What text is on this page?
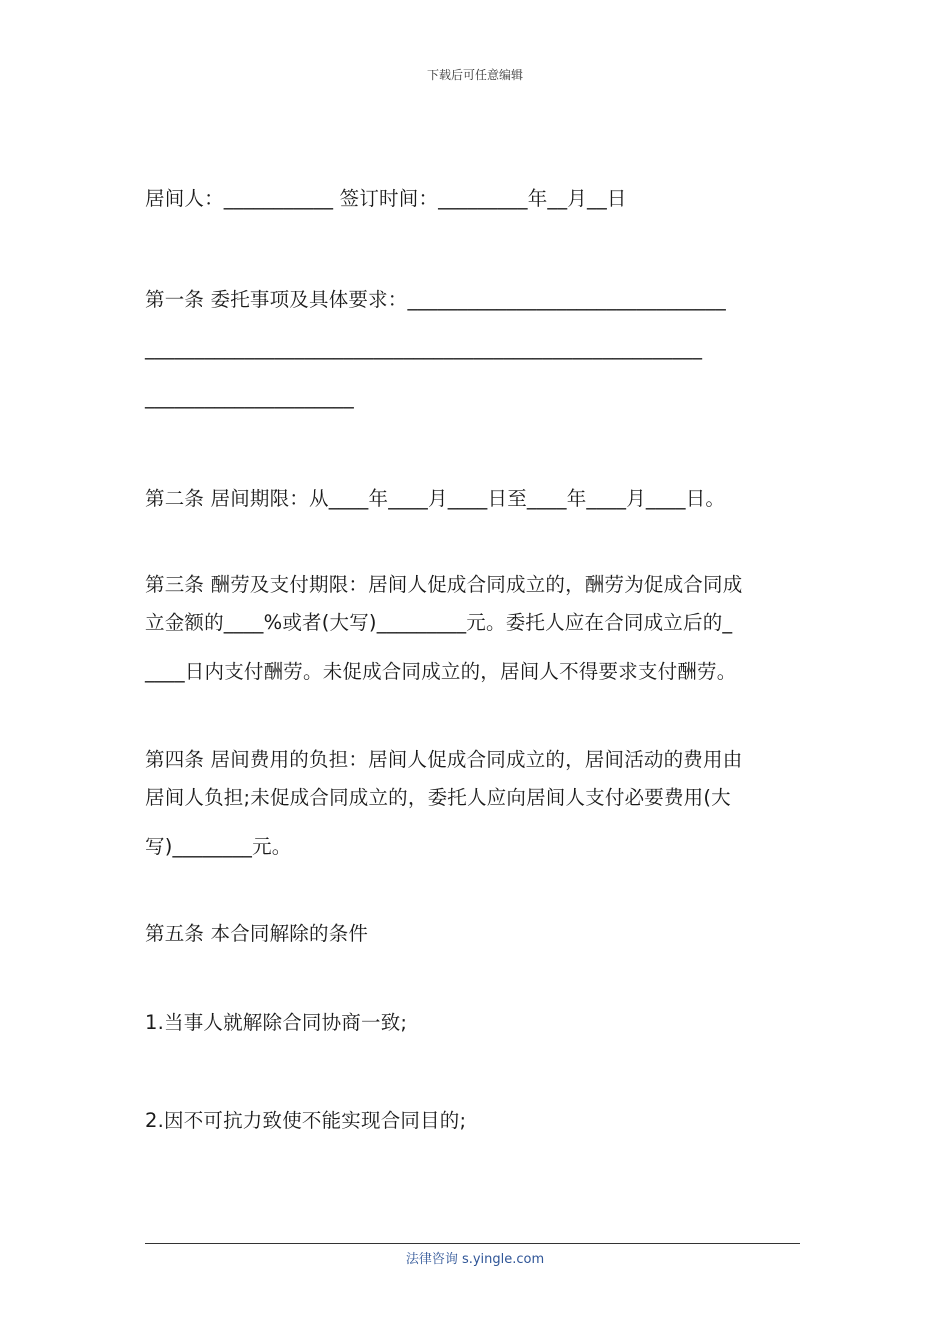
下载后可任意编辑
居间人：___________ 签订时间：_________年__月__日
第一条 委托事项及具体要求：________________________________
________________________________________________________
_____________________
第二条 居间期限：从____年____月____日至____年____月____日。
第三条 酬劳及支付期限：居间人促成合同成立的，酬劳为促成合同成
立金额的____%或者(大写)_________元。委托人应在合同成立后的_
____日内支付酬劳。未促成合同成立的，居间人不得要求支付酬劳。
第四条 居间费用的负担：居间人促成合同成立的，居间活动的费用由
居间人负担;未促成合同成立的，委托人应向居间人支付必要费用(大
写)________元。
第五条 本合同解除的条件
1.当事人就解除合同协商一致;
2.因不可抗力致使不能实现合同目的;
法律咨询 s.yingle.com
